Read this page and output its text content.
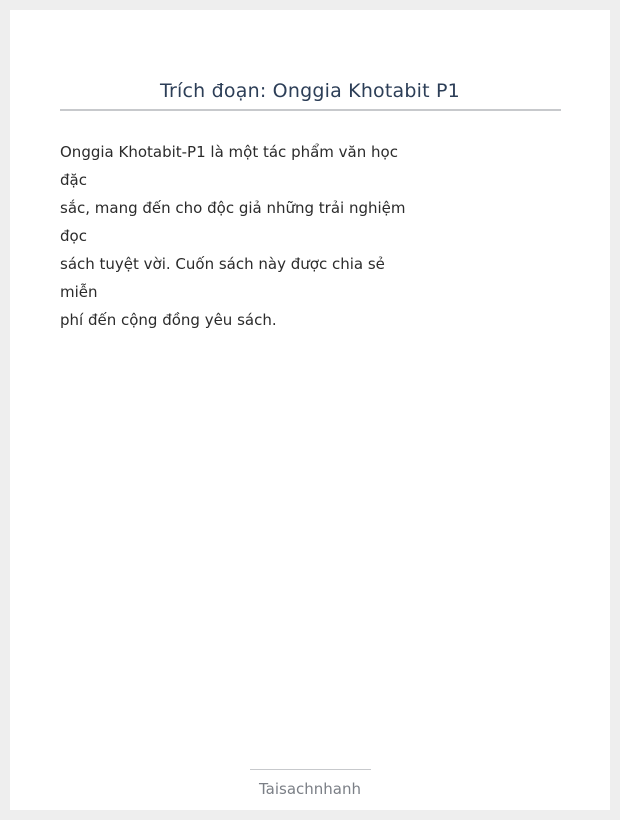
Trích đoạn: Onggia Khotabit P1
Onggia Khotabit-P1 là một tác phẩm văn học
đặc
sắc, mang đến cho độc giả những trải nghiệm
đọc
sách tuyệt vời. Cuốn sách này được chia sẻ
miễn
phí đến cộng đồng yêu sách.
Taisachnhanh
